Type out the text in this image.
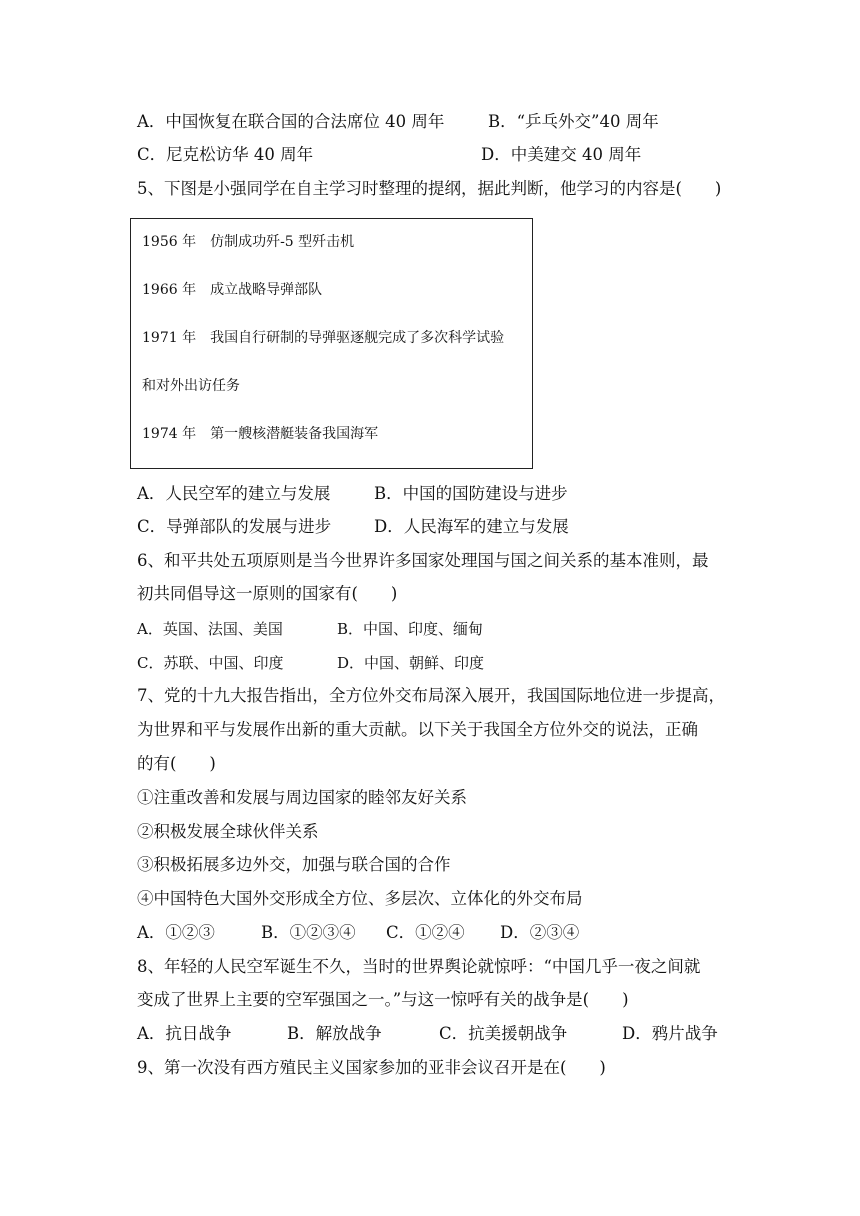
A．中国恢复在联合国的合法席位 40 周年	B．“乒乓外交”40 周年
C．尼克松访华 40 周年	D．中美建交 40 周年
5、下图是小强同学在自主学习时整理的提纲，据此判断，他学习的内容是(　　)
1956 年　仿制成功歼-5 型歼击机
1966 年　成立战略导弹部队
1971 年　我国自行研制的导弹驱逐舰完成了多次科学试验
和对外出访任务
1974 年　第一艘核潜艇装备我国海军
A．人民空军的建立与发展	B．中国的国防建设与进步
C．导弹部队的发展与进步	D．人民海军的建立与发展
6、和平共处五项原则是当今世界许多国家处理国与国之间关系的基本准则，最
初共同倡导这一原则的国家有(　　)
A．英国、法国、美国	B．中国、印度、缅甸
C．苏联、中国、印度	D．中国、朝鲜、印度
7、党的十九大报告指出，全方位外交布局深入展开，我国国际地位进一步提高，
为世界和平与发展作出新的重大贡献。以下关于我国全方位外交的说法，正确
的有(　　)
①注重改善和发展与周边国家的睦邻友好关系
②积极发展全球伙伴关系
③积极拓展多边外交，加强与联合国的合作
④中国特色大国外交形成全方位、多层次、立体化的外交布局
A．①②③	B．①②③④ C．①②④ D．②③④
8、年轻的人民空军诞生不久，当时的世界舆论就惊呼：“中国几乎一夜之间就
变成了世界上主要的空军强国之一。”与这一惊呼有关的战争是(　　)
A．抗日战争	B．解放战争	C．抗美援朝战争	D．鸦片战争
9、第一次没有西方殖民主义国家参加的亚非会议召开是在(　　)
